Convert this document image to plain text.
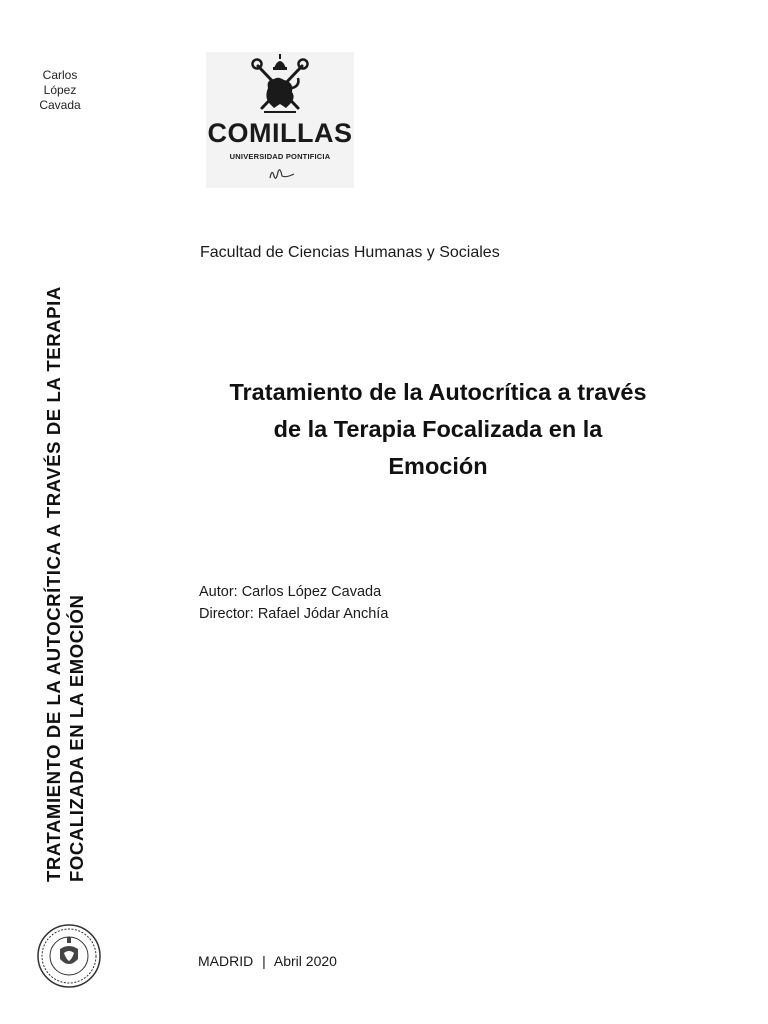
Carlos
López
Cavada
TRATAMIENTO DE LA AUTOCRÍTICA A TRAVÉS DE LA TERAPIA FOCALIZADA EN LA EMOCIÓN
COMILLAS
UNIVERSIDAD PONTIFICIA
Facultad de Ciencias Humanas y Sociales
Tratamiento de la Autocrítica a través
de la Terapia Focalizada en la
Emoción
Autor: Carlos López Cavada
Director: Rafael Jódar Anchía
MADRID | Abril 2020
